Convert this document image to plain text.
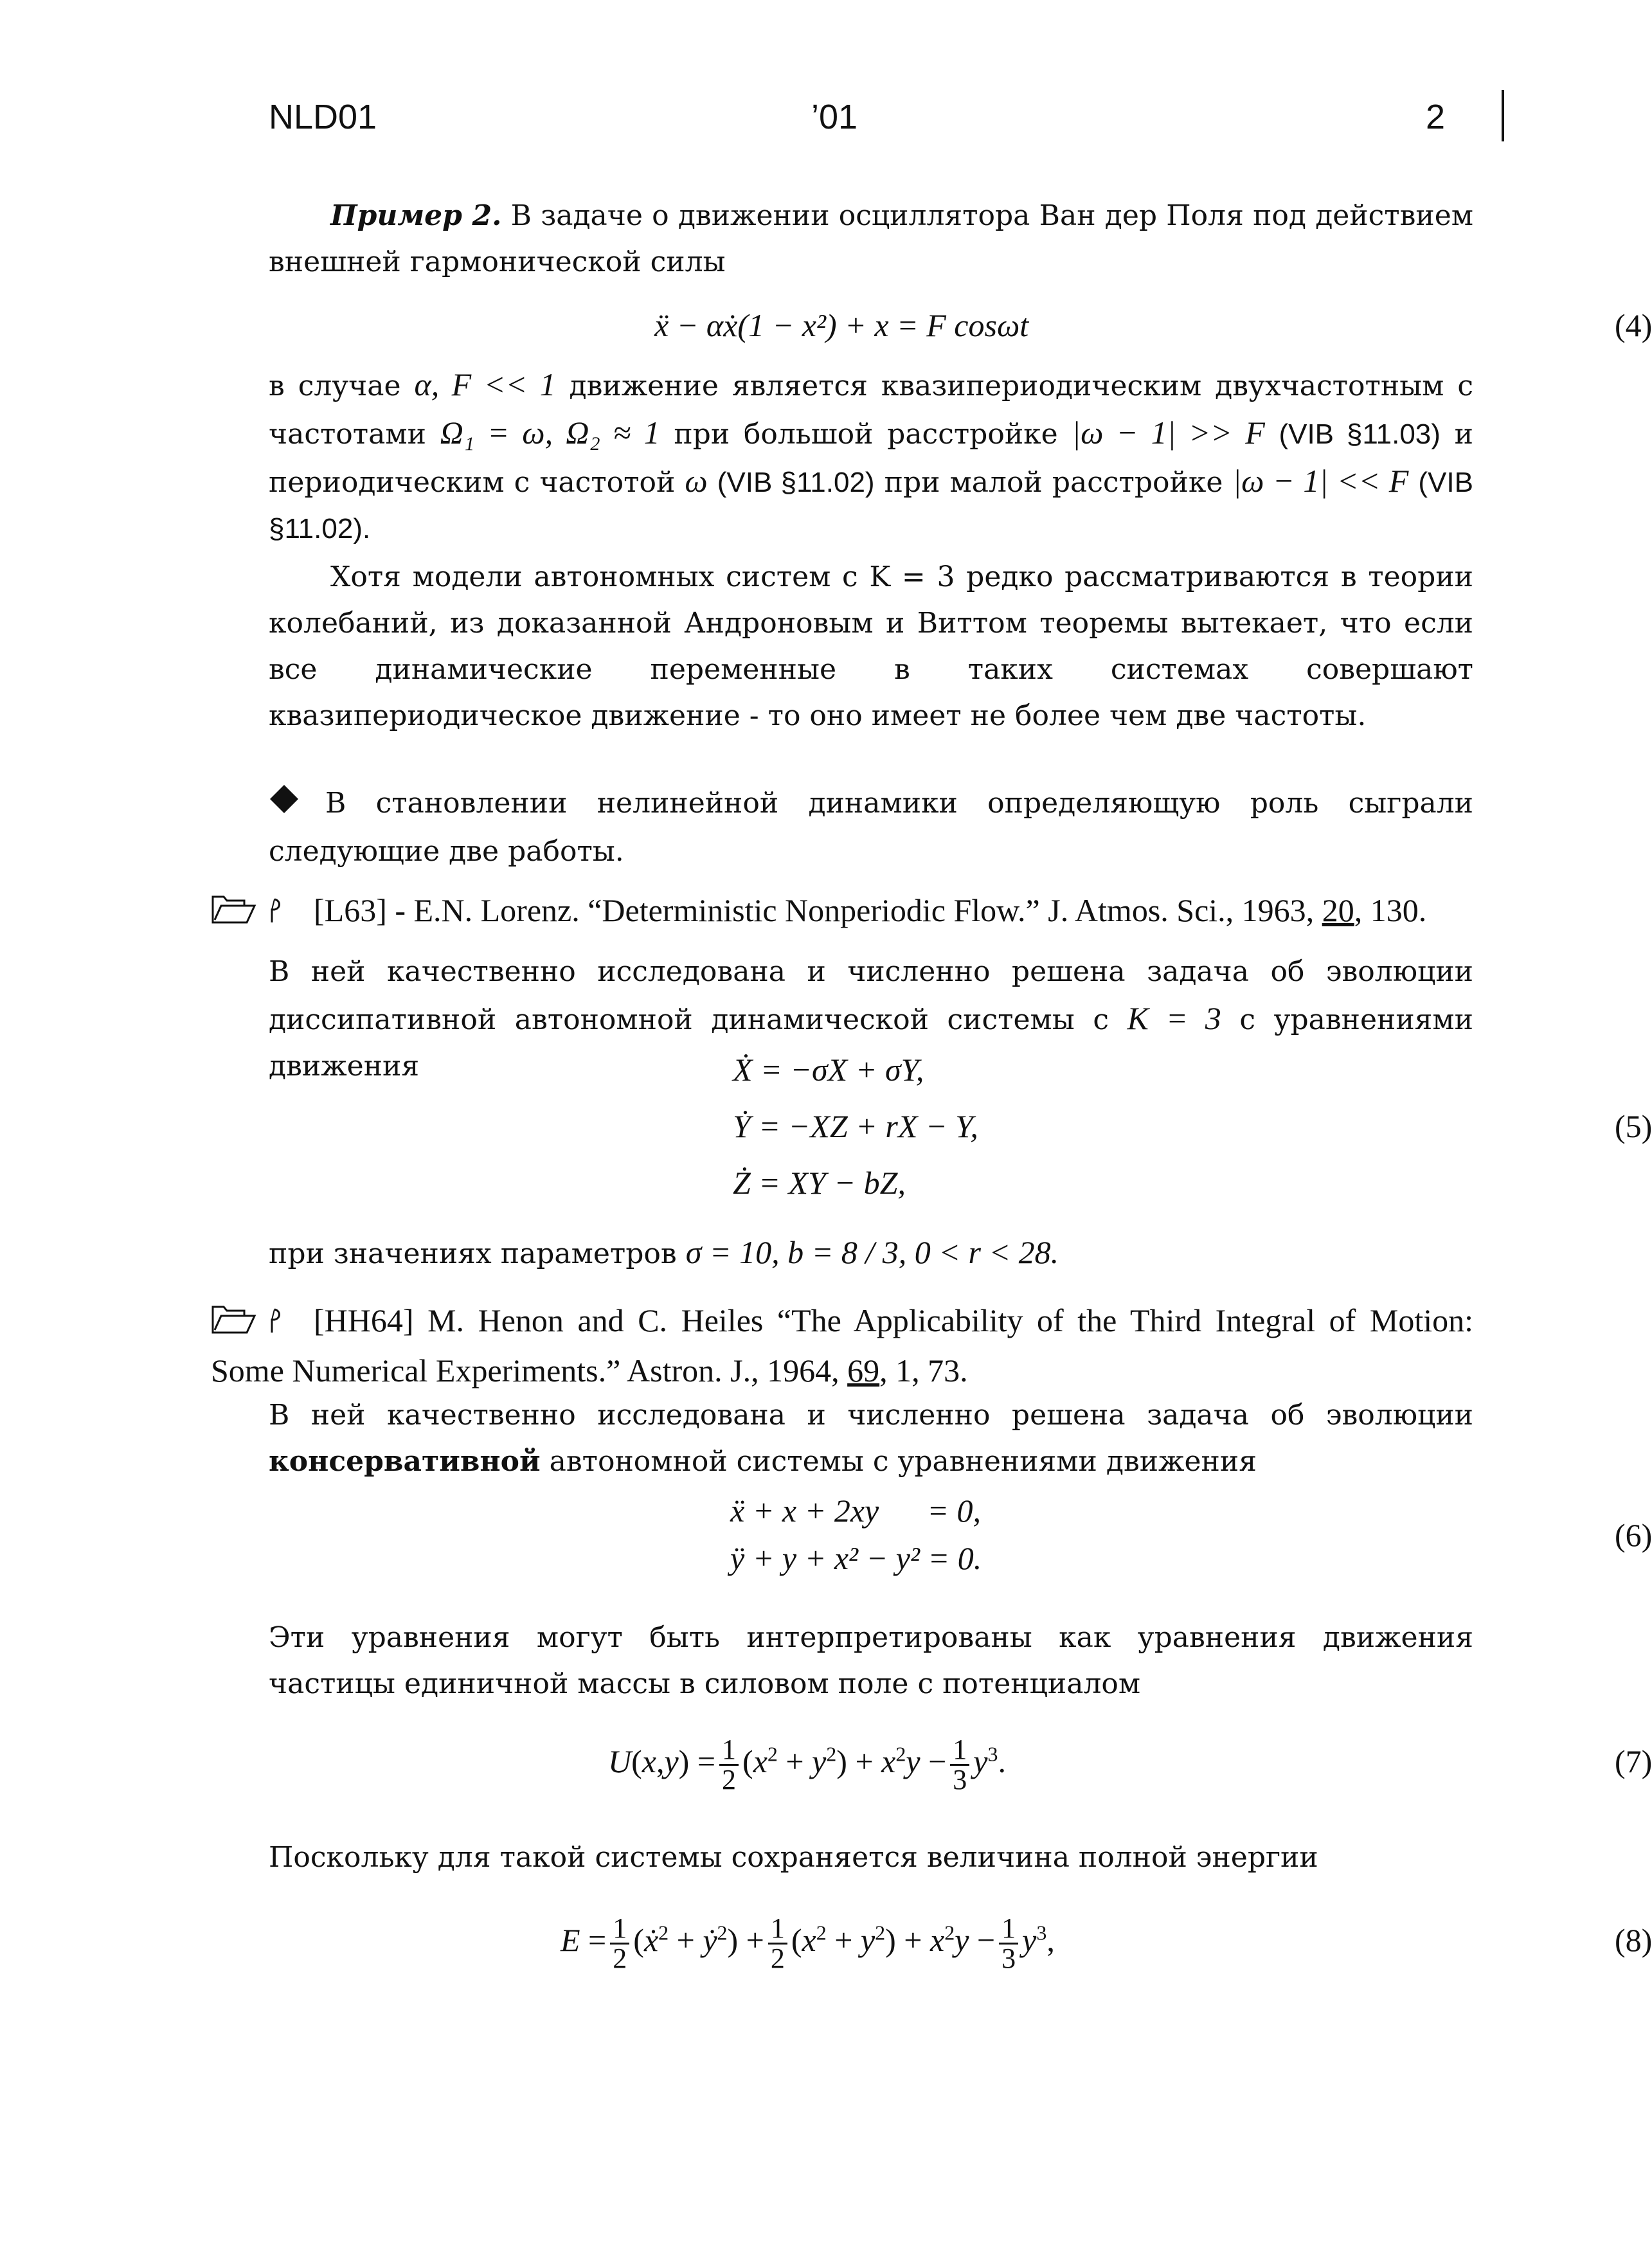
NLD01	’01	2

Пример 2. В задаче о движении осциллятора Ван дер Поля под действием внешней гармонической силы

ẍ − αẋ(1 − x²) + x = F cosωt	(4)

в случае α, F << 1 движение является квазипериодическим двухчастотным с частотами Ω₁ = ω, Ω₂ ≈ 1 при большой расстройке |ω − 1| >> F (VIB §11.03) и периодическим с частотой ω (VIB §11.02) при малой расстройке |ω − 1| << F (VIB §11.02).

Хотя модели автономных систем с K = 3 редко рассматриваются в теории колебаний, из доказанной Андроновым и Виттом теоремы вытекает, что если все динамические переменные в таких системах совершают квазипериодическое движение - то оно имеет не более чем две частоты.

В становлении нелинейной динамики определяющую роль сыграли следующие две работы.

[L63] - E.N. Lorenz. “Deterministic Nonperiodic Flow.” J. Atmos. Sci., 1963, 20, 130.

В ней качественно исследована и численно решена задача об эволюции диссипативной автономной динамической системы с K = 3 с уравнениями движения	Ẋ = −σX + σY,
Ẏ = −XZ + rX − Y,
Ż = XY − bZ,
(5)

при значениях параметров σ = 10, b = 8 / 3, 0 < r < 28.

[HH64] M. Henon and C. Heiles “The Applicability of the Third Integral of Motion: Some Numerical Experiments.” Astron. J., 1964, 69, 1, 73.

В ней качественно исследована и численно решена задача об эволюции консервативной автономной системы с уравнениями движения

ẍ + x + 2xy      = 0,
ÿ + y + x² − y² = 0.
(6)

Эти уравнения могут быть интерпретированы как уравнения движения частицы единичной массы в силовом поле с потенциалом

$U(x,y) = \frac{1}{2} (x^2 + y^2) + x^2y - \frac{1}{3} y^3$.	(7)

Поскольку для такой системы сохраняется величина полной энергии

$E = \frac{1}{2}$ (ẋ$^2$ + ẏ$^2$) + $\frac{1}{2} (x^2 + y^2) + x^2y - \frac{1}{3} y^3$,	(8)
